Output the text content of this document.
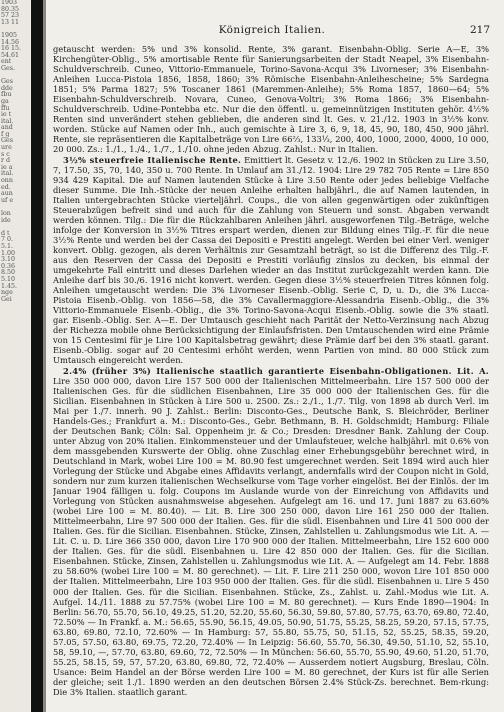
1903
80.35
57 23
13 11

1905
14.56
16 15.
54.61
ent
Ges.

Ges
dde
fbu
ga
ffu
ie t
ital.
and
f g
Ges
ure
s c
r d
ie a
ital.
onn
ed.
aun
uf e

lon
ide

d t
7 0.
5.1.
1.00
3.10
0.36
8.50
5.10
1.45.
nge
Gei
Königreich Italien.	217

getauscht werden: 5% und 3% konsolid. Rente, 3% garant. Eisenbahn-Oblig. Serie A—E, 3% Kirchengüter-Oblig., 5% amortisable Rente für Sanierungsarbeiten der Stadt Neapel, 3% Eisenbahn-Schuldverschreib. Cuneo, Vittorio-Emmanuele, Torino-Savona-Acqui 3% Livorneser; 3% Eisenbahn-Anleihen Lucca-Pistoia 1856, 1858, 1860; 3% Römische Eisenbahn-Anleihescheine; 5% Sardegna 1851; 5% Parma 1827; 5% Toscaner 1861 (Maremmen-Anleihe); 5% Roma 1857, 1860—64; 5% Eisenbahn-Schuldverschreib. Novara, Cuneo, Genova-Voltri; 3% Roma 1866; 3% Eisenbahn-Schuldverschreib. Udine-Pontebba etc. Nur die den öffentl. u. gemeinnützigen Instituten gehör. 4½% Renten sind unverändert stehen geblieben, die anderen sind lt. Ges. v. 21./12. 1903 in 3½% konv. worden. Stücke auf Namen oder Inh., auch gemischte à Lire 3, 6, 9, 18, 45, 90, 180, 450, 900 jährl. Rente, sie repräsentieren die Kapitalbeträge von Lire 66⅔, 133⅓, 200, 400, 1000, 2000, 4000, 10 000, 20 000. Zs.: 1./1., 1./4., 1./7., 1./10. ohne jeden Abzug. Zahlst.: Nur in Italien.

3½% steuerfreie Italienische Rente. Emittiert lt. Gesetz v. 12./6. 1902 in Stücken zu Lire 3.50, 7, 17.50, 35, 70, 140, 350 u. 700 Rente. In Umlauf am 31./12. 1904: Lire 29 782 705 Rente = Lire 850 934 429 Kapital. Die auf Namen lautenden Stücke à Lire 3.50 Rente oder jedes beliebige Vielfache dieser Summe. Die Inh.-Stücke der neuen Anleihe erhalten halbjährl., die auf Namen lautenden, in Italien untergebrachten Stücke vierteljährl. Coups., die von allen gegenwärtigen oder zukünftigen Steuerabzügen befreit sind und auch für die Zahlung von Steuern und sonst. Abgaben verwandt werden können. Tilg.: Die für die Rückzahlbaren Anleihen jährl. ausgeworfenen Tilg.-Beträge, welche infolge der Konversion in 3½% Titres erspart werden, dienen zur Bildung eines Tilg.-F. für die neue 3½% Rente und werden bei der Cassa dei Depositi e Prestiti angelegt. Werden bei einer Verl. weniger konvert. Oblig. gezogen, als deren Verhältnis zur Gesamtzahl beträgt, so ist die Differenz des Tilg.-F. aus den Reserven der Cassa dei Depositi e Prestiti vorläufig zinslos zu decken, bis einmal der umgekehrte Fall eintritt und dieses Darlehen wieder an das Institut zurückgezahlt werden kann. Die Anleihe darf bis 30./6. 1916 nicht konvert. werden. Gegen diese 3½% steuerfreien Titres können folg. Anleihen umgetauscht werden: Die 3% Livorneser Eisenb.-Oblig. Serie C, D, u. D₁, die 3% Lucca-Pistoia Eisenb.-Oblig. von 1856—58, die 3% Cavallermaggiore-Alessandria Eisenb.-Oblig., die 3% Vittorio-Emmanuele Eisenb.-Oblig., die 3% Torino-Savona-Acqui Eisenb.-Oblig. sowie die 3% staatl. gar. Eisenb.-Oblig. Ser. A—E. Der Umtausch geschieht nach Parität der Netto-Verzinsung nach Abzug der Richezza mobile ohne Berücksichtigung der Einlaufsfristen. Den Umtauschenden wird eine Prämie von 15 Centesimi für je Lire 100 Kapitalsbetrag gewährt; diese Prämie darf bei den 3% staatl. garant. Eisenb.-Oblig. sogar auf 20 Centesimi erhöht werden, wenn Partien von mind. 80 000 Stück zum Umtausch eingereicht werden.

2.4% (früher 3%) Italienische staatlich garantierte Eisenbahn-Obligationen. Lit. A. Lire 350 000 000, davon Lire 157 500 000 der Italienischen Mittelmeerbahn. Lire 157 500 000 der Italienischen Ges. für die südlichen Eisenbahnen, Lire 35 000 000 der Italienischen Ges. für die Sicilian. Eisenbahnen in Stücken à Lire 500 u. 2500. Zs.: 2./1., 1./7. Tilg. von 1898 ab durch Verl. im Mai per 1./7. innerh. 90 J. Zahlst.: Berlin: Disconto-Ges., Deutsche Bank, S. Bleichröder, Berliner Handels-Ges.; Frankfurt a. M.: Disconto-Ges., Gebr. Bethmann, B. H. Goldschmidt; Hamburg: Filiale der Deutschen Bank; Cöln: Sal. Oppenheim jr. & Co.; Dresden: Dresdner Bank. Zahlung der Coup. unter Abzug von 20% italien. Einkommensteuer und der Umlaufsteuer, welche halbjährl. mit 0.6% von dem massgebenden Kurswerte der Oblig. ohne Zuschlag einer Erhebungsgebühr berechnet wird, in Deutschland in Mark, wobei Lire 100 = M. 80.90 fest umgerechnet werden. Seit 1894 wird auch hier Vorlegung der Stücke und Abgabe eines Affidavits verlangt, andernfalls wird der Coupon nicht in Gold, sondern nur zum kurzen italienischen Wechselkurse vom Tage vorher eingelöst. Bei der Einlös. der im Januar 1904 fälligen u. folg. Coupons im Auslande wurde von der Einreichung von Affidavits und Vorlegung von Stücken ausnahmsweise abgesehen. Aufgelegt am 16. und 17. Juni 1887 zu 63.60% (wobei Lire 100 = M. 80.40). — Lit. B. Lire 300 250 000, davon Lire 161 250 000 der Italien. Mittelmeerbahn, Lire 97 500 000 der Italien. Ges. für die südl. Eisenbahnen und Lire 41 500 000 der Italien. Ges. für die Sicilian. Eisenbahnen. Stücke, Zinsen, Zahlstellen u. Zahlungsmodus wie Lit. A. — Lit. C. u. D. Lire 366 350 000, davon Lire 170 900 000 der Italien. Mittelmeerbahn, Lire 152 600 000 der Italien. Ges. für die südl. Eisenbahnen u. Lire 42 850 000 der Italien. Ges. für die Sicilian. Eisenbahnen. Stücke, Zinsen, Zahlstellen u. Zahlungsmodus wie Lit. A. — Aufgelegt am 14. Febr. 1888 zu 58.60% (wobei Lire 100 = M. 80 gerechnet). — Lit. F. Lire 211 250 000, wovon Lire 101 850 000 der Italien. Mittelmeerbahn, Lire 103 950 000 der Italien. Ges. für die südl. Eisenbahnen u. Lire 5 450 000 der Italien. Ges. für die Sicilian. Eisenbahnen. Stücke, Zs., Zahlst. u. Zahl.-Modus wie Lit. A. Aufgel. 14./11. 1888 zu 57.75% (wobei Lire 100 = M. 80 gerechnet). — Kurs Ende 1890—1904: In Berlin: 56.70, 55.70, 56.10, 49.25, 51.20, 52.20, 55.60, 56.30, 59.80, 57.80, 57.75, 63.70, 69.80, 72.40, 72.50% — In Frankf. a. M.: 56.65, 55.90, 56.15, 49.05, 50.90, 51.75, 55.25, 58.25, 59.20, 57.15, 57.75, 63.80, 69.80, 72.10, 72.60% — In Hamburg: 57, 55.80, 55.75, 50, 51.15, 52, 55.25, 58.35, 59.20, 57.05, 57.50, 63.80, 69.75, 72.20, 72.40% — In Leipzig: 56.60, 55.70, 56.30, 49.50, 51.10, 52, 55.10, 58, 59.10, —, 57.70, 63.80, 69.60, 72, 72.50% — In München: 56.60, 55.70, 55.90, 49.60, 51.20, 51.70, 55.25, 58.15, 59, 57, 57.20, 63.80, 69.80, 72, 72.40% — Ausserdem notiert Augsburg, Breslau, Cöln. Usance: Beim Handel an der Börse werden Lire 100 = M. 80 gerechnet, der Kurs ist für alle Serien der gleiche; seit 1./1. 1890 werden an den deutschen Börsen 2.4% Stück-Zs. berechnet. Bem-rkung: Die 3% Italien. staatlich garant.
